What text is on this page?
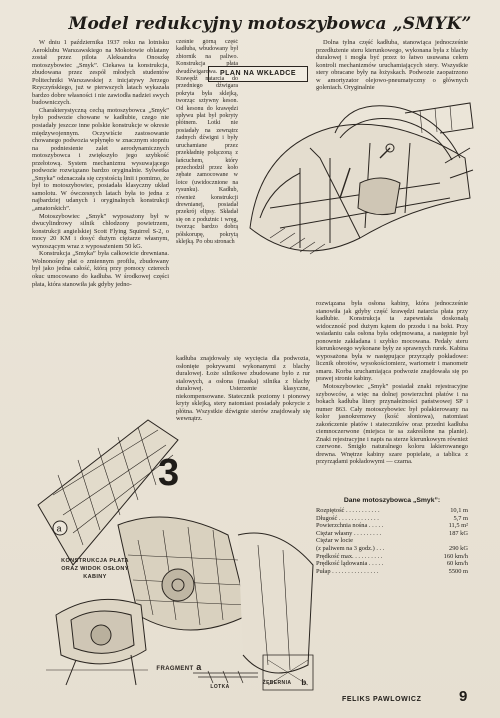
Model redukcyjny motoszybowca „SMYK”

W dniu 1 października 1937 roku na lotnisku Aeroklubu Warszawskiego na Mokotowie oblatany został przez pilota Aleksandra Onoszkę motoszybowiec „Smyk”. Ciekawa ta konstrukcja, zbudowana przez zespół młodych studentów Politechniki Warszawskiej z inicjatywy Jerzego Rzyczyńskiego, już w pierwszych latach wykazała bardzo dobre własności i nie zawiodła nadziei swych budowniczych.

Charakterystyczną cechą motoszybowca „Smyk” było podwozie chowane w kadłubie, czego nie posiadały jeszcze inne polskie konstrukcje w okresie międzywojennym. Oczywiście zastosowanie chowanego podwozia wpłynęło w znacznym stopniu na podniesienie zalet aerodynamicznych motoszybowca i zwiększyło jego szybkość przełotową. System mechanizmu wysuwającego podwozie rozwiązano bardzo oryginalnie. Sylwetka „Smyka” odznaczała się czystością linii i pomimo, że był to motoszybowiec, posiadała klasyczny układ samolotu. W ówczesnych latach była to jedna z najbardziej udanych i oryginalnych konstrukcji „amatorskich”.

Motoszybowiec „Smyk” wyposażony był w dwucylindrowy silnik chłodzony powietrzem, konstrukcji angielskiej Scott Flying Squirrel S-2, o mocy 20 KM i dosyć dużym ciężarze własnym, wynoszącym wraz z wyposażeniem 50 kG.

Konstrukcja „Smyka” była całkowicie drewniana. Wolnonośny płat o zmiennym profilu, zbudowany był jako jedna całość, którą przy pomocy czterech okuc umocowano do kadłuba. W środkowej części płata, która stanowiła jak gdyby jedno-

PLAN NA WKŁADCE

cześnie górną część kadłuba, wbudowany był zbiornik na paliwo. Konstrukcja płata dwudźwigarowa. Krawędź natarcia do przedniego dźwigara pokryta była sklejką, tworząc sztywny keson. Od kesonu do krawędzi spływu płat był pokryty płótnem. Lotki nie posiadały na zewnątrz żadnych dźwigni i były uruchamiane przez przekładnię połączoną z łańcuchem, który przechodził przez koło zębate zamocowane w lotce (uwidocznione na rysunku). Kadłub, również konstrukcji drewnianej, posiadał przekrój elipsy. Składał się on z podużnic i wręg, tworząc bardzo dobrą półskorupę, pokrytą sklejką. Po obu stronach

kadłuba znajdowały się wycięcia dla podwozia, osłonięte pokrywami wykonanymi z blachy duralowej. Łoże silnikowe zbudowane było z rur stalowych, a osłona (maska) silnika z blachy duralowej. Usterzenie klasyczne, niekompensowane. Statecznik poziomy i pionowy kryty sklejką, stery natomiast posiadały pokrycie z płótna. Wszystkie dźwignie sterów znajdowały się wewnątrz.

Dolna tylna część kadłuba, stanowiąca jednocześnie przedłużenie steru kierunkowego, wykonana była z blachy duralowej i mogła być przez to łatwo usuwana celem kontroli mechanizmów uruchamiających stery. Wszystkie stery obracane były na łożyskach. Podwozie zaopatrzono w amortyzator olejowo-pneumatyczny o głównych goleniach. Oryginalnie

rozwiązana była osłona kabiny, która jednocześnie stanowiła jak gdyby część krawędzi natarcia płata przy kadłubie. Konstrukcja ta zapewniała doskonałą widoczność pod dużym kątem do przodu i na boki. Przy wsiadaniu cała osłona była odejmowana, a następnie był ponownie zakładana i szybko mocowana. Pedały steru kierunkowego wykonane były ze sprawnych rurek. Kabina wyposażona była w następujące przyrządy pokładowe: licznik obrotów, wysokościomierz, wariometr i manometr smaru. Korba uruchamiająca podwozie znajdowała się po prawej stronie kabiny.

Motoszybowiec „Smyk” posiadał znaki rejestracyjne szybowców, a więc na dolnej powierzchni płatów i na bokach kadłuba litery przynałeżności państwowej SP i numer 863. Cały motoszybowiec był polakierowany na kolor jasnokremowy (kość słoniowa), natomiast zakończenie płatów i stateczników oraz przedni kadłuba ciemnoczerwone (miejsca te sa zakreślone na planie). Znaki rejestracyjne i napis na sterze kierunkowym również czerwone. Śmigło naturalnego koloru lakierowanego drewna. Wnętrze kabiny szare popielate, a tablica z przyrządami pokładowymi — czarna.

Dane motoszybowca „Smyk”:
Rozpiętość . . . . . . . . . . .	10,1 m
Długość . . . . . . . . . . . . .	5,7 m
Powierzchnia nośna . . . . .	11,5 m²
Ciężar własny . . . . . . . . .	187 kG
Ciężar w locie
(z paliwem na 3 godz.) . . .	290 kG
Prędkość max. . . . . . . . . .	160 km/h
Prędkość lądowania . . . . .	60 km/h
Pułap . . . . . . . . . . . . . . .	5500 m
FELIKS PAWLOWICZ	9
3
a
KONSTRUKCJA PŁATA
ORAZ WIDOK OSŁONY
KABINY
FRAGMENT a
LOTKA
ŻEBERNIA	b
